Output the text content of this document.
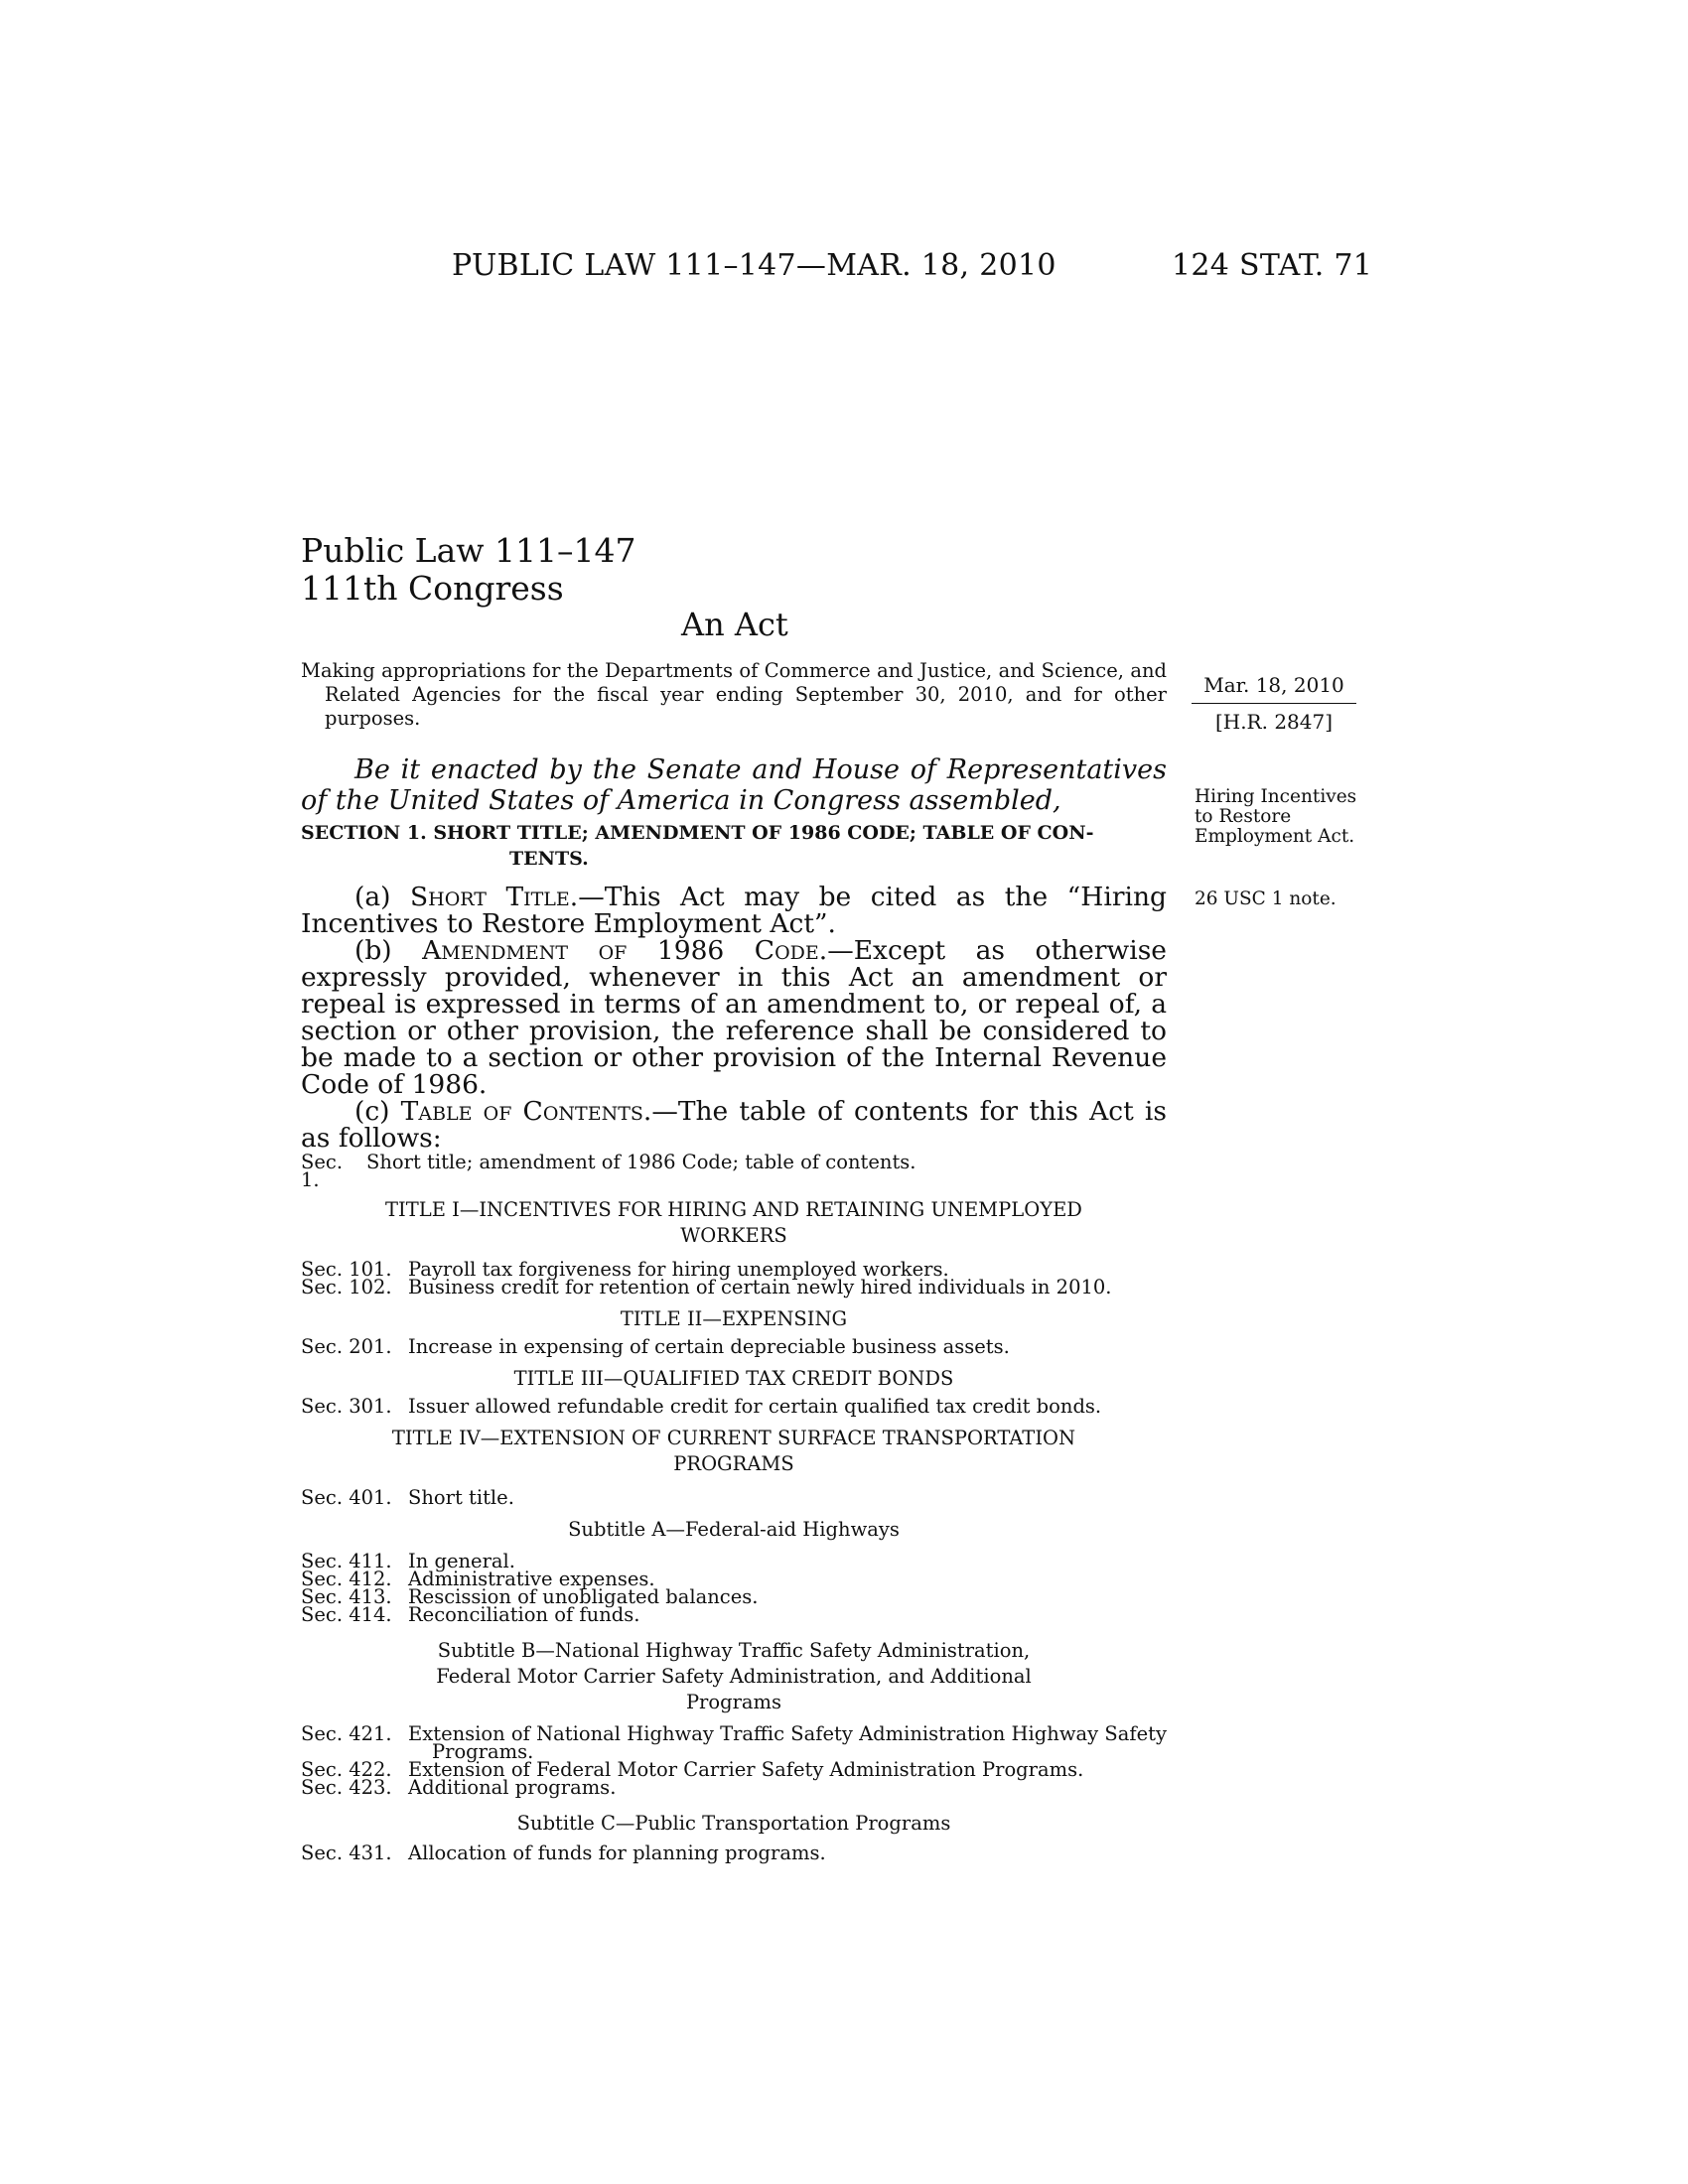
PUBLIC LAW 111–147—MAR. 18, 2010	124 STAT. 71
Public Law 111–147
111th Congress
An Act
Making appropriations for the Departments of Commerce and Justice, and Science, and Related Agencies for the fiscal year ending September 30, 2010, and for other purposes.
Mar. 18, 2010
[H.R. 2847]
Hiring Incentives to Restore Employment Act.
26 USC 1 note.
Be it enacted by the Senate and House of Representatives of the United States of America in Congress assembled,
SECTION 1. SHORT TITLE; AMENDMENT OF 1986 CODE; TABLE OF CON-
TENTS.

(a) Short Title.—This Act may be cited as the “Hiring Incentives to Restore Employment Act”.

(b) Amendment of 1986 Code.—Except as otherwise expressly provided, whenever in this Act an amendment or repeal is expressed in terms of an amendment to, or repeal of, a section or other provision, the reference shall be considered to be made to a section or other provision of the Internal Revenue Code of 1986.

(c) Table of Contents.—The table of contents for this Act is as follows:

Sec. 1.
Short title; amendment of 1986 Code; table of contents.
TITLE I—INCENTIVES FOR HIRING AND RETAINING UNEMPLOYED WORKERS
Sec. 101. Payroll tax forgiveness for hiring unemployed workers.
Sec. 102. Business credit for retention of certain newly hired individuals in 2010.
TITLE II—EXPENSING
Sec. 201. Increase in expensing of certain depreciable business assets.
TITLE III—QUALIFIED TAX CREDIT BONDS
Sec. 301. Issuer allowed refundable credit for certain qualified tax credit bonds.
TITLE IV—EXTENSION OF CURRENT SURFACE TRANSPORTATION PROGRAMS
Sec. 401. Short title.
Subtitle A—Federal-aid Highways
Sec. 411. In general.
Sec. 412. Administrative expenses.
Sec. 413. Rescission of unobligated balances.
Sec. 414. Reconciliation of funds.
Subtitle B—National Highway Traffic Safety Administration, Federal Motor Carrier Safety Administration, and Additional Programs
Sec. 421. Extension of National Highway Traffic Safety Administration Highway Safety Programs.
Sec. 422. Extension of Federal Motor Carrier Safety Administration Programs.
Sec. 423. Additional programs.
Subtitle C—Public Transportation Programs
Sec. 431. Allocation of funds for planning programs.
